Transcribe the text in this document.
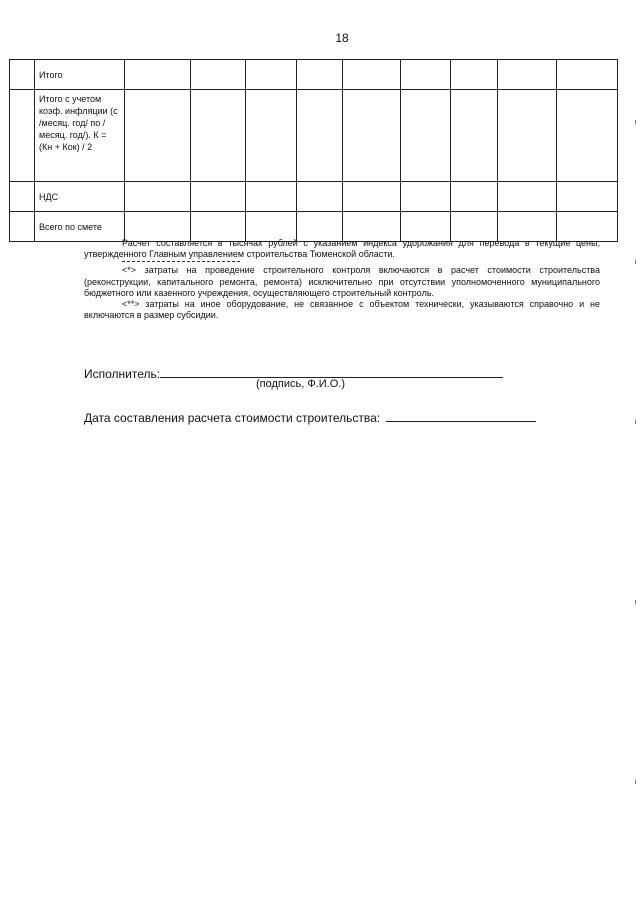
18
	Итого									
	Итого с учетом коэф. инфляции (с /месяц. год/ по / месяц. год/). К = (Кн + Кок) / 2									
	НДС									
	Всего по смете									

Расчет составляется в тысячах рублей с указанием индекса удорожания для перевода в текущие цены, утвержденного Главным управлением строительства Тюменской области.

<*> затраты на проведение строительного контроля включаются в расчет стоимости строительства (реконструкции, капитального ремонта, ремонта) исключительно при отсутствии уполномоченного муниципального бюджетного или казенного учреждения, осуществляющего строительный контроль.

<**> затраты на иное оборудование, не связанное с объектом технически, указываются справочно и не включаются в размер субсидии.

Исполнитель:
(подпись, Ф.И.О.)
Дата составления расчета стоимости строительства:
